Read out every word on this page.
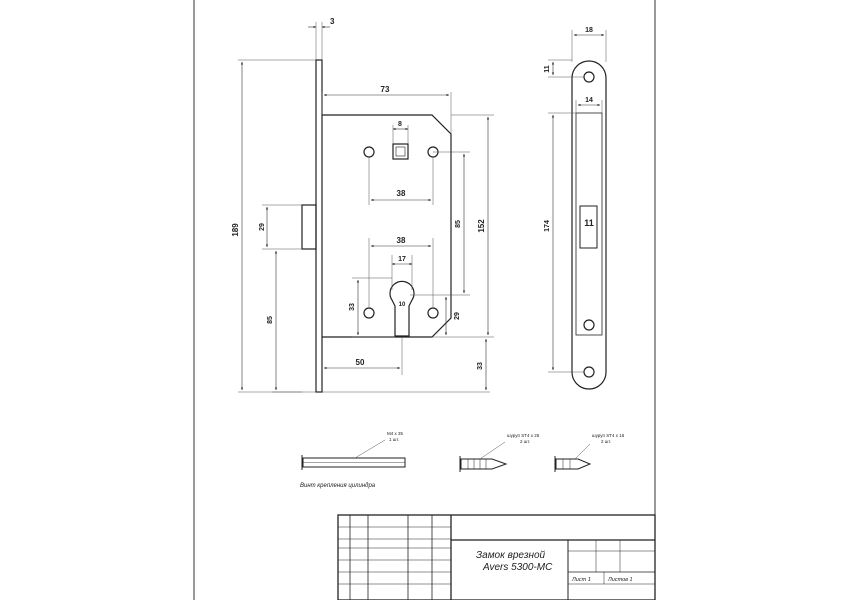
3
189
73
8
38
152
85
29
85
38
17
10
33
29
50	33
18
11
14
174	11
M4 x 35
1 шт.
Винт крепления цилиндра
шуруп ST4 x 25
2 шт.
шуруп ST4 x 16
2 шт.
Замок врезной
Avers 5300-MC
Лист 1	Листов 1
